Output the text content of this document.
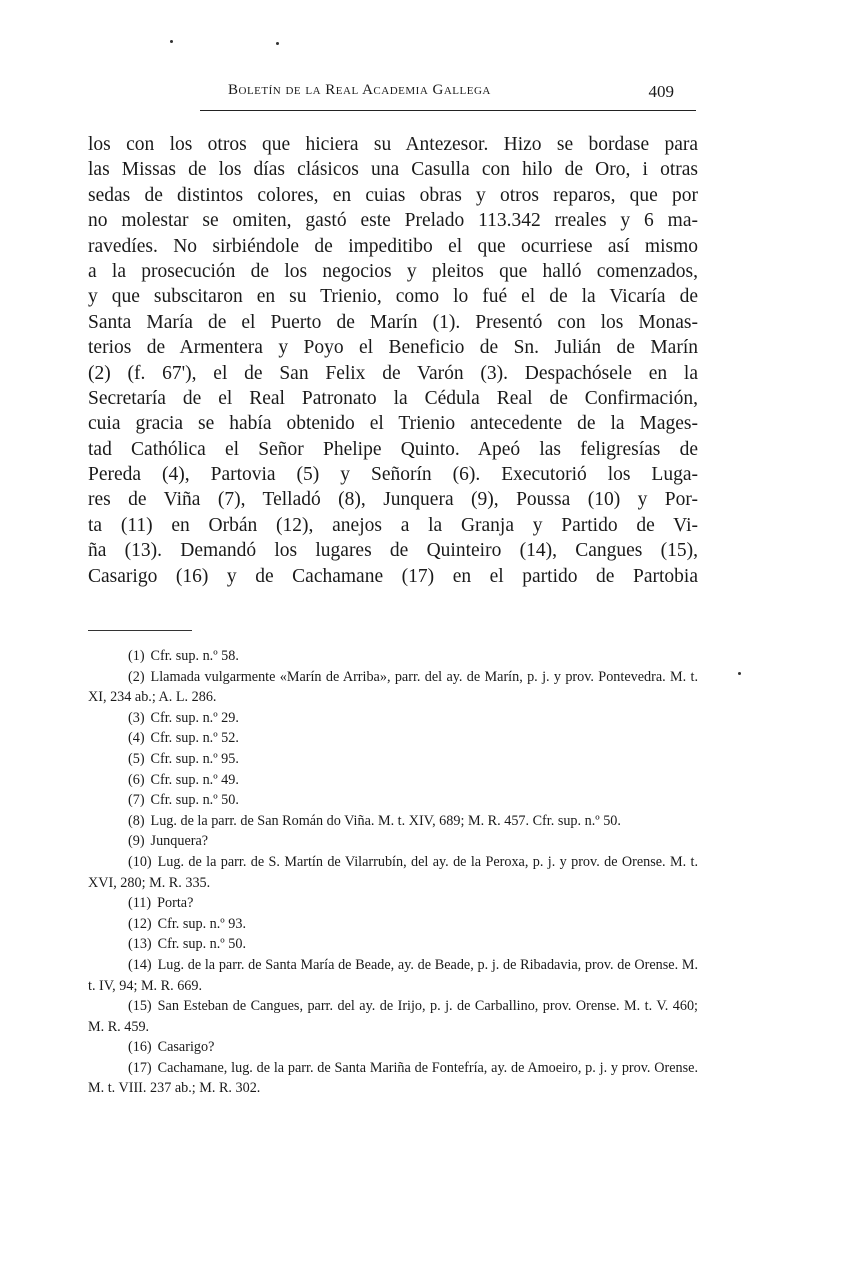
Boletín de la Real Academia Gallega	409
los con los otros que hiciera su Antezesor. Hizo se bordase para
las Missas de los días clásicos una Casulla con hilo de Oro, i otras
sedas de distintos colores, en cuias obras y otros reparos, que por
no molestar se omiten, gastó este Prelado 113.342 rreales y 6 ma-
ravedíes. No sirbiéndole de impeditibo el que ocurriese así mismo
a la prosecución de los negocios y pleitos que halló comenzados,
y que subscitaron en su Trienio, como lo fué el de la Vicaría de
Santa María de el Puerto de Marín (1). Presentó con los Monas-
terios de Armentera y Poyo el Beneficio de Sn. Julián de Marín
(2) (f. 67'), el de San Felix de Varón (3). Despachósele en la
Secretaría de el Real Patronato la Cédula Real de Confirmación,
cuia gracia se había obtenido el Trienio antecedente de la Mages-
tad Cathólica el Señor Phelipe Quinto. Apeó las feligresías de
Pereda (4), Partovia (5) y Señorín (6). Executorió los Luga-
res de Viña (7), Telladó (8), Junquera (9), Poussa (10) y Por-
ta (11) en Orbán (12), anejos a la Granja y Partido de Vi-
ña (13). Demandó los lugares de Quinteiro (14), Cangues (15),
Casarigo (16) y de Cachamane (17) en el partido de Partobia
(1) Cfr. sup. n.º 58.
(2) Llamada vulgarmente «Marín de Arriba», parr. del ay. de Marín, p. j. y prov. Pontevedra. M. t. XI, 234 ab.; A. L. 286.
(3) Cfr. sup. n.º 29.
(4) Cfr. sup. n.º 52.
(5) Cfr. sup. n.º 95.
(6) Cfr. sup. n.º 49.
(7) Cfr. sup. n.º 50.
(8) Lug. de la parr. de San Román do Viña. M. t. XIV, 689; M. R. 457. Cfr. sup. n.º 50.
(9) Junquera?
(10) Lug. de la parr. de S. Martín de Vilarrubín, del ay. de la Peroxa, p. j. y prov. de Orense. M. t. XVI, 280; M. R. 335.
(11) Porta?
(12) Cfr. sup. n.º 93.
(13) Cfr. sup. n.º 50.
(14) Lug. de la parr. de Santa María de Beade, ay. de Beade, p. j. de Ribadavia, prov. de Orense. M. t. IV, 94; M. R. 669.
(15) San Esteban de Cangues, parr. del ay. de Irijo, p. j. de Carballino, prov. Orense. M. t. V. 460; M. R. 459.
(16) Casarigo?
(17) Cachamane, lug. de la parr. de Santa Mariña de Fontefría, ay. de Amoeiro, p. j. y prov. Orense. M. t. VIII. 237 ab.; M. R. 302.
